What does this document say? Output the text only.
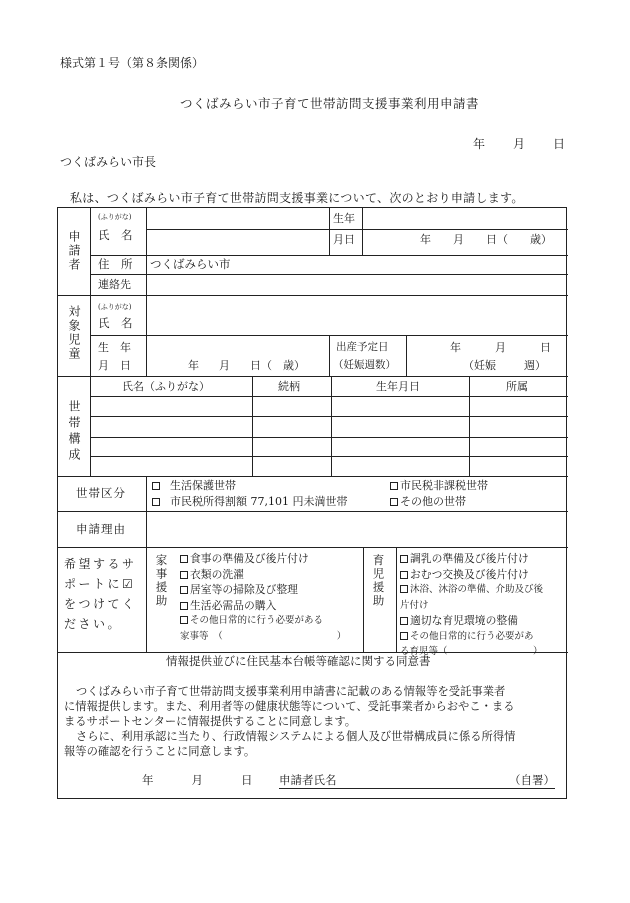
様式第１号（第８条関係）
つくばみらい市子育て世帯訪問支援事業利用申請書
年 月 日
つくばみらい市長
私は、つくばみらい市子育て世帯訪問支援事業について、次のとおり申請します。
申請者
(ふりがな)
氏　名
生年
月日	年 月 日（　　歳）
住　所 つくばみらい市
連絡先
対象児童 (ふりがな)
氏　名
生　年
月　日	年 月 日（　歳）
出産予定日
（妊娠週数）
年	月	日
（妊娠	週）
世帯構成
氏名（ふりがな）	続柄	生年月日	所属
世帯区分
生活保護世帯	市民税非課税世帯
市民税所得割額 77,101 円未満世帯	その他の世帯
申請理由
希望するサ
ポートに☑
をつけてく
ださい。
家事援助	食事の準備及び後片付け
衣類の洗濯
居室等の掃除及び整理
生活必需品の購入
その他日常的に行う必要がある
家事等　（　　　　　　　　　　　　）
育児援助	調乳の準備及び後片付け
おむつ交換及び後片付け
沐浴、沐浴の準備、介助及び後
片付け
適切な育児環境の整備
その他日常的に行う必要があ
る育児等（　　　　　　　　　）
情報提供並びに住民基本台帳等確認に関する同意書
つくばみらい市子育て世帯訪問支援事業利用申請書に記載のある情報等を受託事業者
に情報提供します。また、利用者等の健康状態等について、受託事業者からおやこ・まる
まるサポートセンターに情報提供することに同意します。
さらに、利用承認に当たり、行政情報システムによる個人及び世帯構成員に係る所得情
報等の確認を行うことに同意します。
年	月	日 申請者氏名	（自署）
